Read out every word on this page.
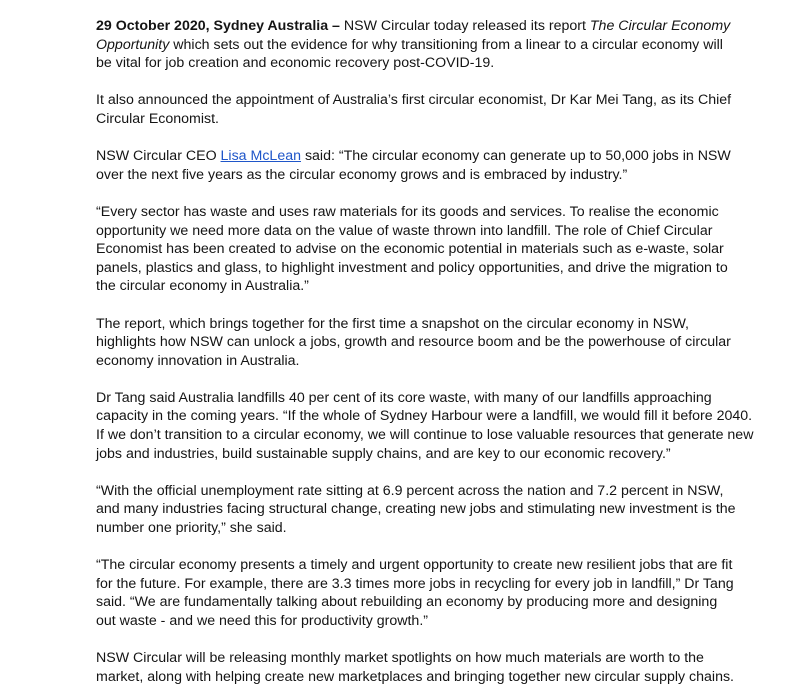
29 October 2020, Sydney Australia – NSW Circular today released its report The Circular Economy
Opportunity which sets out the evidence for why transitioning from a linear to a circular economy will
be vital for job creation and economic recovery post-COVID-19.

It also announced the appointment of Australia’s first circular economist, Dr Kar Mei Tang, as its Chief
Circular Economist.

NSW Circular CEO Lisa McLean said: “The circular economy can generate up to 50,000 jobs in NSW
over the next five years as the circular economy grows and is embraced by industry.”

“Every sector has waste and uses raw materials for its goods and services. To realise the economic
opportunity we need more data on the value of waste thrown into landfill. The role of Chief Circular
Economist has been created to advise on the economic potential in materials such as e-waste, solar
panels, plastics and glass, to highlight investment and policy opportunities, and drive the migration to
the circular economy in Australia.”

The report, which brings together for the first time a snapshot on the circular economy in NSW,
highlights how NSW can unlock a jobs, growth and resource boom and be the powerhouse of circular
economy innovation in Australia.

Dr Tang said Australia landfills 40 per cent of its core waste, with many of our landfills approaching
capacity in the coming years. “If the whole of Sydney Harbour were a landfill, we would fill it before 2040.
If we don’t transition to a circular economy, we will continue to lose valuable resources that generate new
jobs and industries, build sustainable supply chains, and are key to our economic recovery.”

“With the official unemployment rate sitting at 6.9 percent across the nation and 7.2 percent in NSW,
and many industries facing structural change, creating new jobs and stimulating new investment is the
number one priority,” she said.

“The circular economy presents a timely and urgent opportunity to create new resilient jobs that are fit
for the future. For example, there are 3.3 times more jobs in recycling for every job in landfill,” Dr Tang
said. “We are fundamentally talking about rebuilding an economy by producing more and designing
out waste - and we need this for productivity growth.”

NSW Circular will be releasing monthly market spotlights on how much materials are worth to the
market, along with helping create new marketplaces and bringing together new circular supply chains.
